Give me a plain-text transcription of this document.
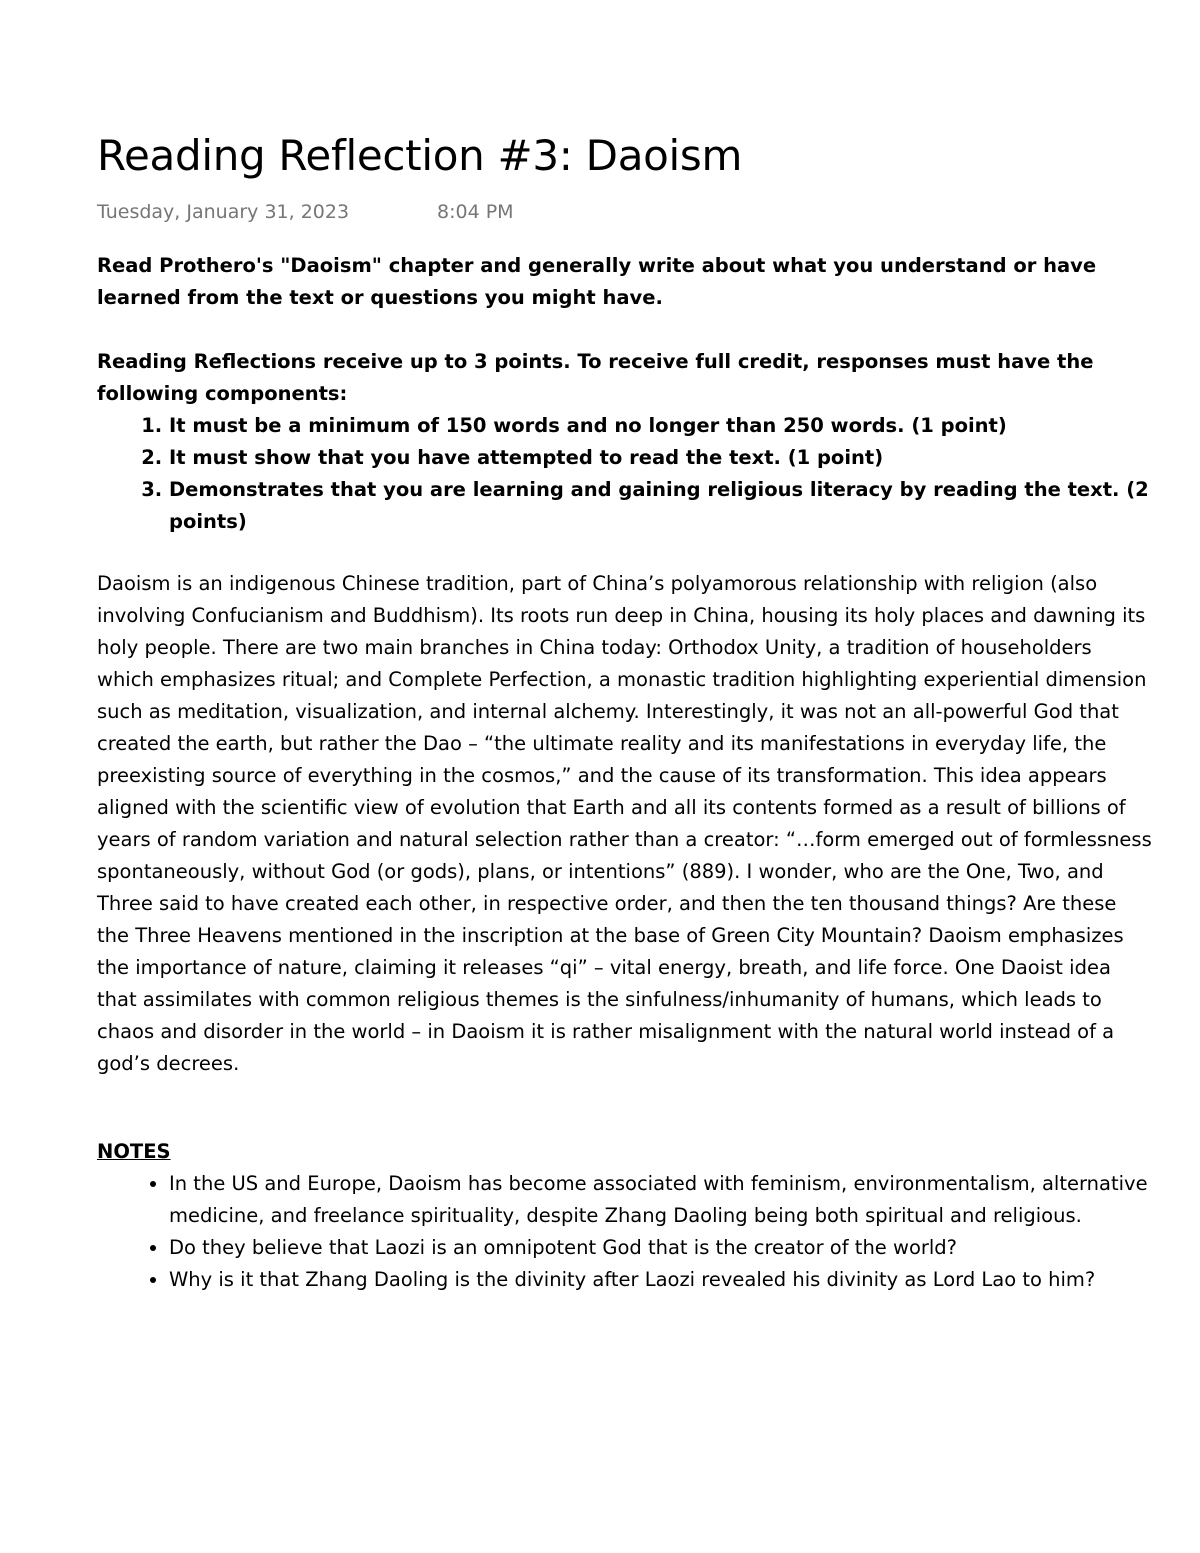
Reading Reflection #3: Daoism
Tuesday, January 31, 2023	8:04 PM

Read Prothero's "Daoism" chapter and generally write about what you understand or have learned from the text or questions you might have.

Reading Reflections receive up to 3 points. To receive full credit, responses must have the following components:

1. It must be a minimum of 150 words and no longer than 250 words. (1 point)
2. It must show that you have attempted to read the text. (1 point)
3. Demonstrates that you are learning and gaining religious literacy by reading the text. (2 points)
Daoism is an indigenous Chinese tradition, part of China’s polyamorous relationship with religion (also involving Confucianism and Buddhism). Its roots run deep in China, housing its holy places and dawning its holy people. There are two main branches in China today: Orthodox Unity, a tradition of householders which emphasizes ritual; and Complete Perfection, a monastic tradition highlighting experiential dimension such as meditation, visualization, and internal alchemy. Interestingly, it was not an all-powerful God that created the earth, but rather the Dao – “the ultimate reality and its manifestations in everyday life, the preexisting source of everything in the cosmos,” and the cause of its transformation. This idea appears aligned with the scientific view of evolution that Earth and all its contents formed as a result of billions of years of random variation and natural selection rather than a creator: “…form emerged out of formlessness spontaneously, without God (or gods), plans, or intentions” (889). I wonder, who are the One, Two, and Three said to have created each other, in respective order, and then the ten thousand things? Are these the Three Heavens mentioned in the inscription at the base of Green City Mountain? Daoism emphasizes the importance of nature, claiming it releases “qi” – vital energy, breath, and life force. One Daoist idea that assimilates with common religious themes is the sinfulness/inhumanity of humans, which leads to chaos and disorder in the world – in Daoism it is rather misalignment with the natural world instead of a god’s decrees.
NOTES
• In the US and Europe, Daoism has become associated with feminism, environmentalism, alternative medicine, and freelance spirituality, despite Zhang Daoling being both spiritual and religious.
• Do they believe that Laozi is an omnipotent God that is the creator of the world?
• Why is it that Zhang Daoling is the divinity after Laozi revealed his divinity as Lord Lao to him?
